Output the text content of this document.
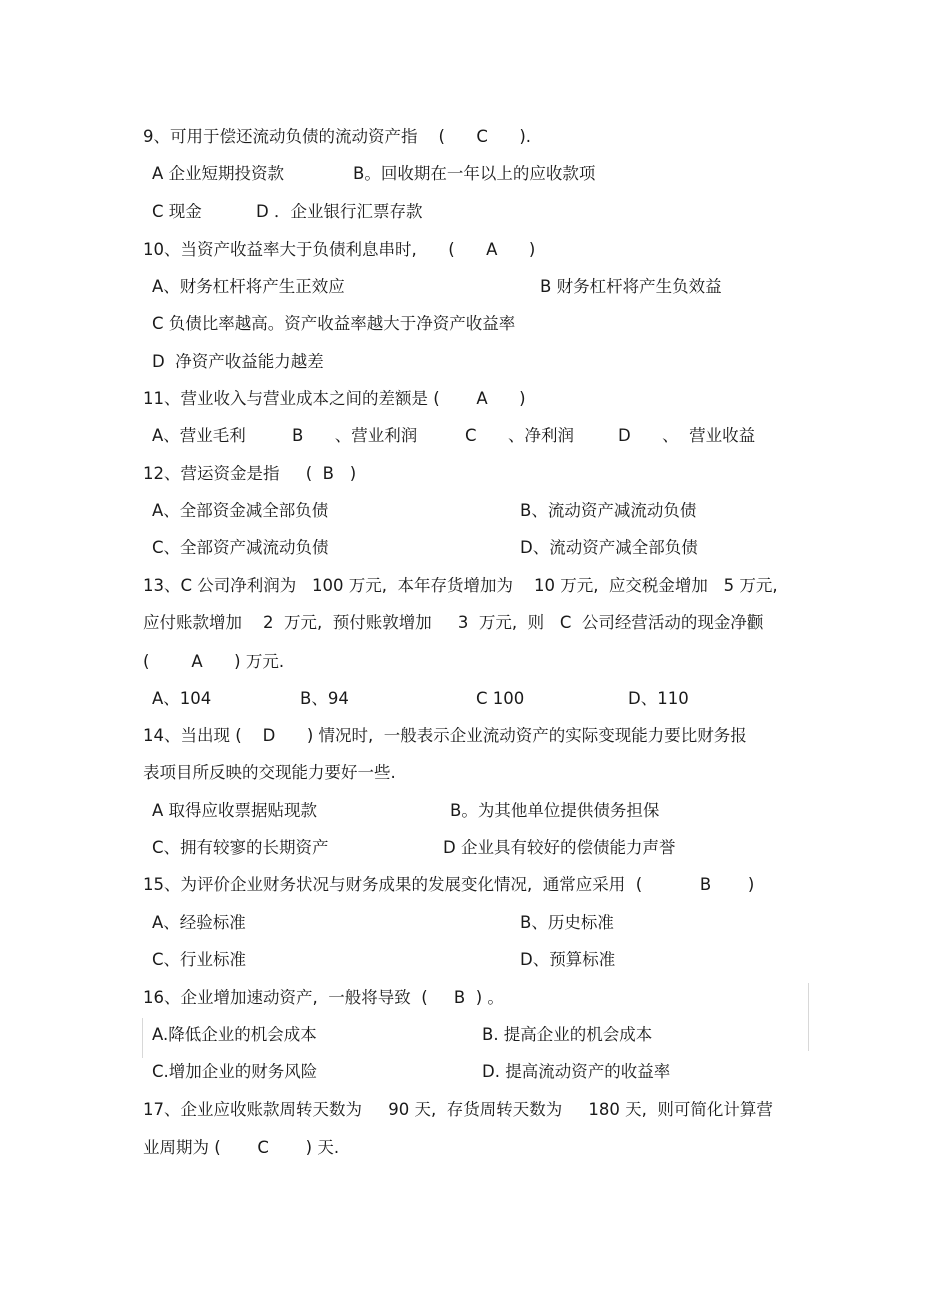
9、可用于偿还流动负债的流动资产指    (      C      ).
A 企业短期投资款	B。回收期在一年以上的应收款项
C 现金	D ．企业银行汇票存款
10、当资产收益率大于负债利息串时,      (      A      )
A、财务杠杆将产生正效应	B 财务杠杆将产生负效益
C 负债比率越高。资产收益率越大于净资产收益率
D  净资产收益能力越差
11、营业收入与营业成本之间的差额是 (       A      )
A、营业毛利	B      、营业利润	C      、净利润	D      、  营业收益
12、营运资金是指     (  B   )
A、全部资金减全部负债	B、流动资产减流动负债
C、全部资产减流动负债	D、流动资产减全部负债
13、C 公司净利润为   100 万元,  本年存货增加为    10 万元,  应交税金增加   5 万元,
应付账款增加    2  万元,  预付账敦增加     3  万元,  则   C  公司经营活动的现金净颧
(        A      ) 万元.
A、104	B、94	C 100	D、110
14、当出现 (    D      ) 情况时,  一般表示企业流动资产的实际变现能力要比财务报
表项目所反映的交现能力要好一些.
A 取得应收票据贴现款	B。为其他单位提供债务担保
C、拥有较寥的长期资产	D 企业具有较好的偿债能力声誉
15、为评价企业财务状况与财务成果的发展变化情况,  通常应采用  (           B       )
A、经验标准	B、历史标准
C、行业标准	D、预算标准
16、企业增加速动资产,  一般将导致  (     B  ) 。
A.降低企业的机会成本	B. 提高企业的机会成本
C.增加企业的财务风险	D. 提高流动资产的收益率
17、企业应收账款周转天数为     90 天,  存货周转天数为     180 天,  则可简化计算营
业周期为 (       C       ) 天.
